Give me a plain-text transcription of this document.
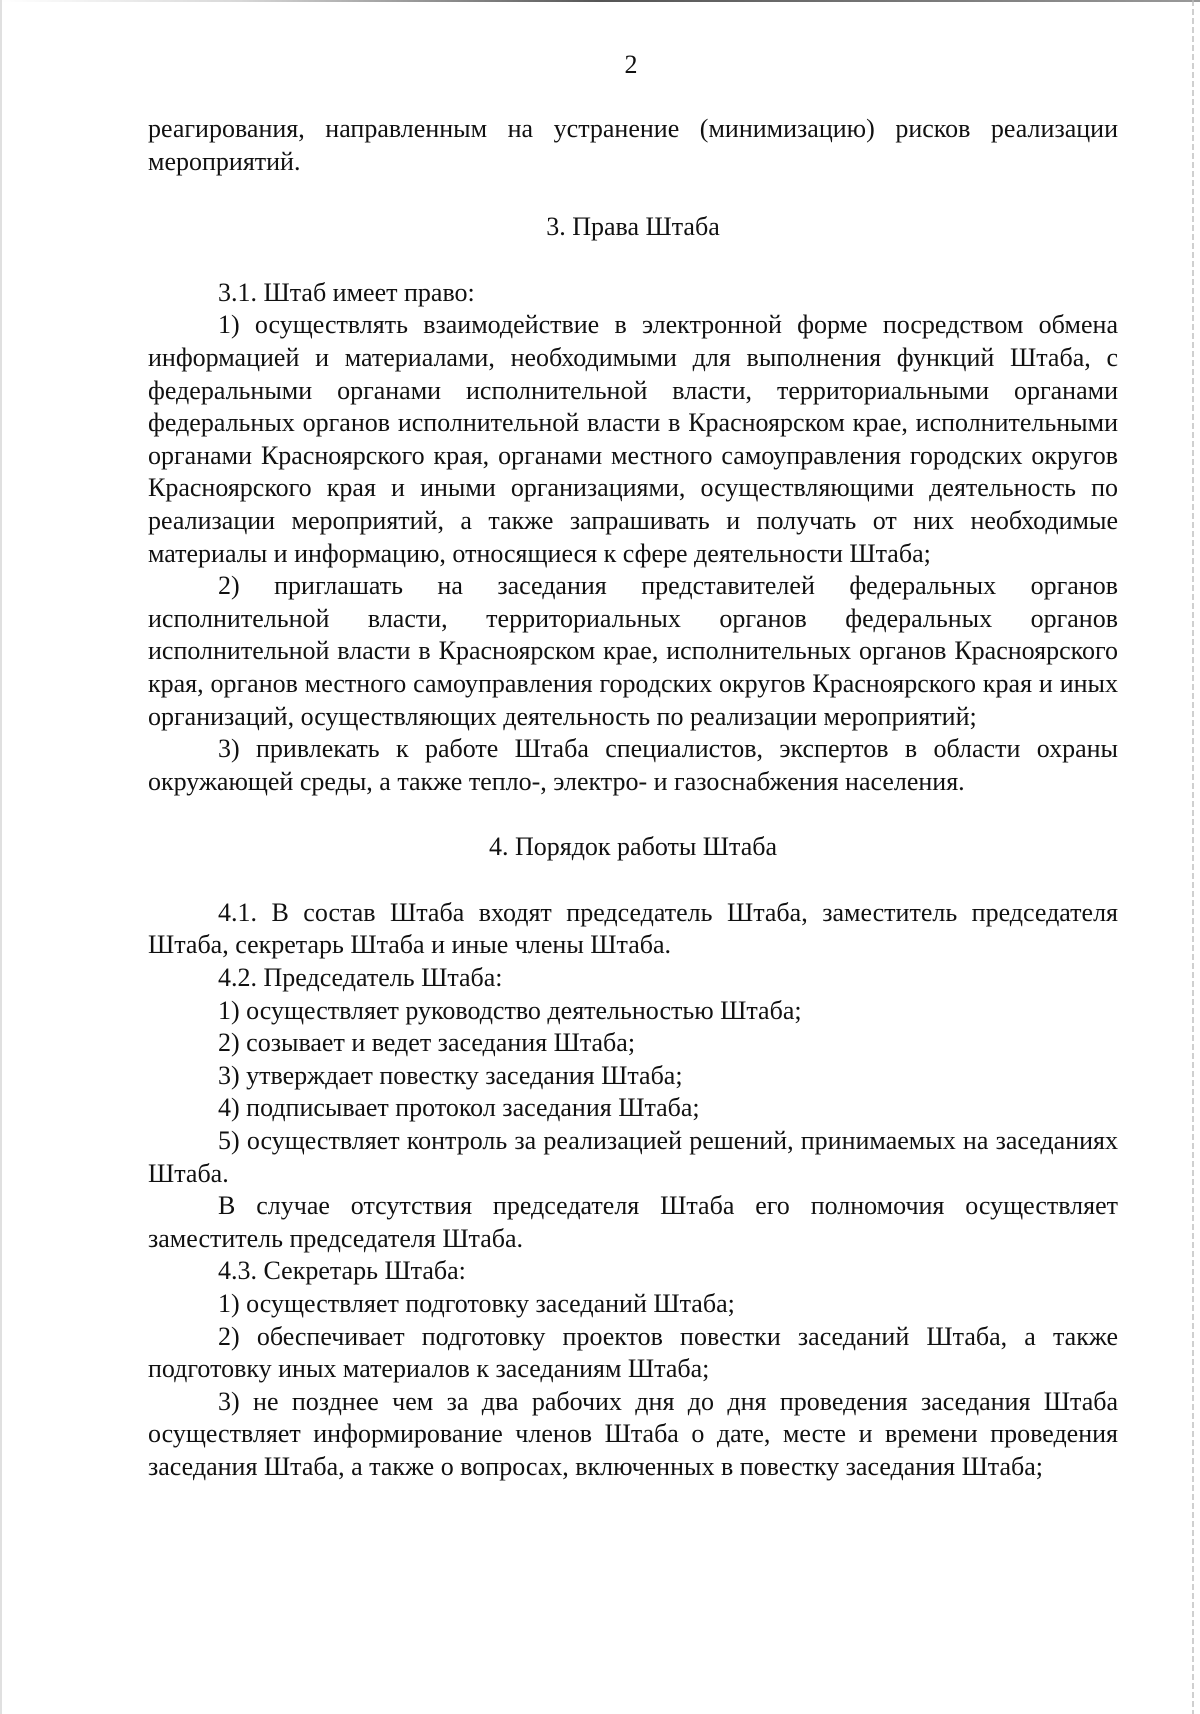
2

реагирования, направленным на устранение (минимизацию) рисков реализации мероприятий.

3. Права Штаба

3.1. Штаб имеет право:

1) осуществлять взаимодействие в электронной форме посредством обмена информацией и материалами, необходимыми для выполнения функций Штаба, с федеральными органами исполнительной власти, территориальными органами федеральных органов исполнительной власти в Красноярском крае, исполнительными органами Красноярского края, органами местного самоуправления городских округов Красноярского края и иными организациями, осуществляющими деятельность по реализации мероприятий, а также запрашивать и получать от них необходимые материалы и информацию, относящиеся к сфере деятельности Штаба;

2) приглашать на заседания представителей федеральных органов исполнительной власти, территориальных органов федеральных органов исполнительной власти в Красноярском крае, исполнительных органов Красноярского края, органов местного самоуправления городских округов Красноярского края и иных организаций, осуществляющих деятельность по реализации мероприятий;

3) привлекать к работе Штаба специалистов, экспертов в области охраны окружающей среды, а также тепло-, электро- и газоснабжения населения.

4. Порядок работы Штаба

4.1. В состав Штаба входят председатель Штаба, заместитель председателя Штаба, секретарь Штаба и иные члены Штаба.

4.2. Председатель Штаба:

1) осуществляет руководство деятельностью Штаба;

2) созывает и ведет заседания Штаба;

3) утверждает повестку заседания Штаба;

4) подписывает протокол заседания Штаба;

5) осуществляет контроль за реализацией решений, принимаемых на заседаниях Штаба.

В случае отсутствия председателя Штаба его полномочия осуществляет заместитель председателя Штаба.

4.3. Секретарь Штаба:

1) осуществляет подготовку заседаний Штаба;

2) обеспечивает подготовку проектов повестки заседаний Штаба, а также подготовку иных материалов к заседаниям Штаба;

3) не позднее чем за два рабочих дня до дня проведения заседания Штаба осуществляет информирование членов Штаба о дате, месте и времени проведения заседания Штаба, а также о вопросах, включенных в повестку заседания Штаба;
